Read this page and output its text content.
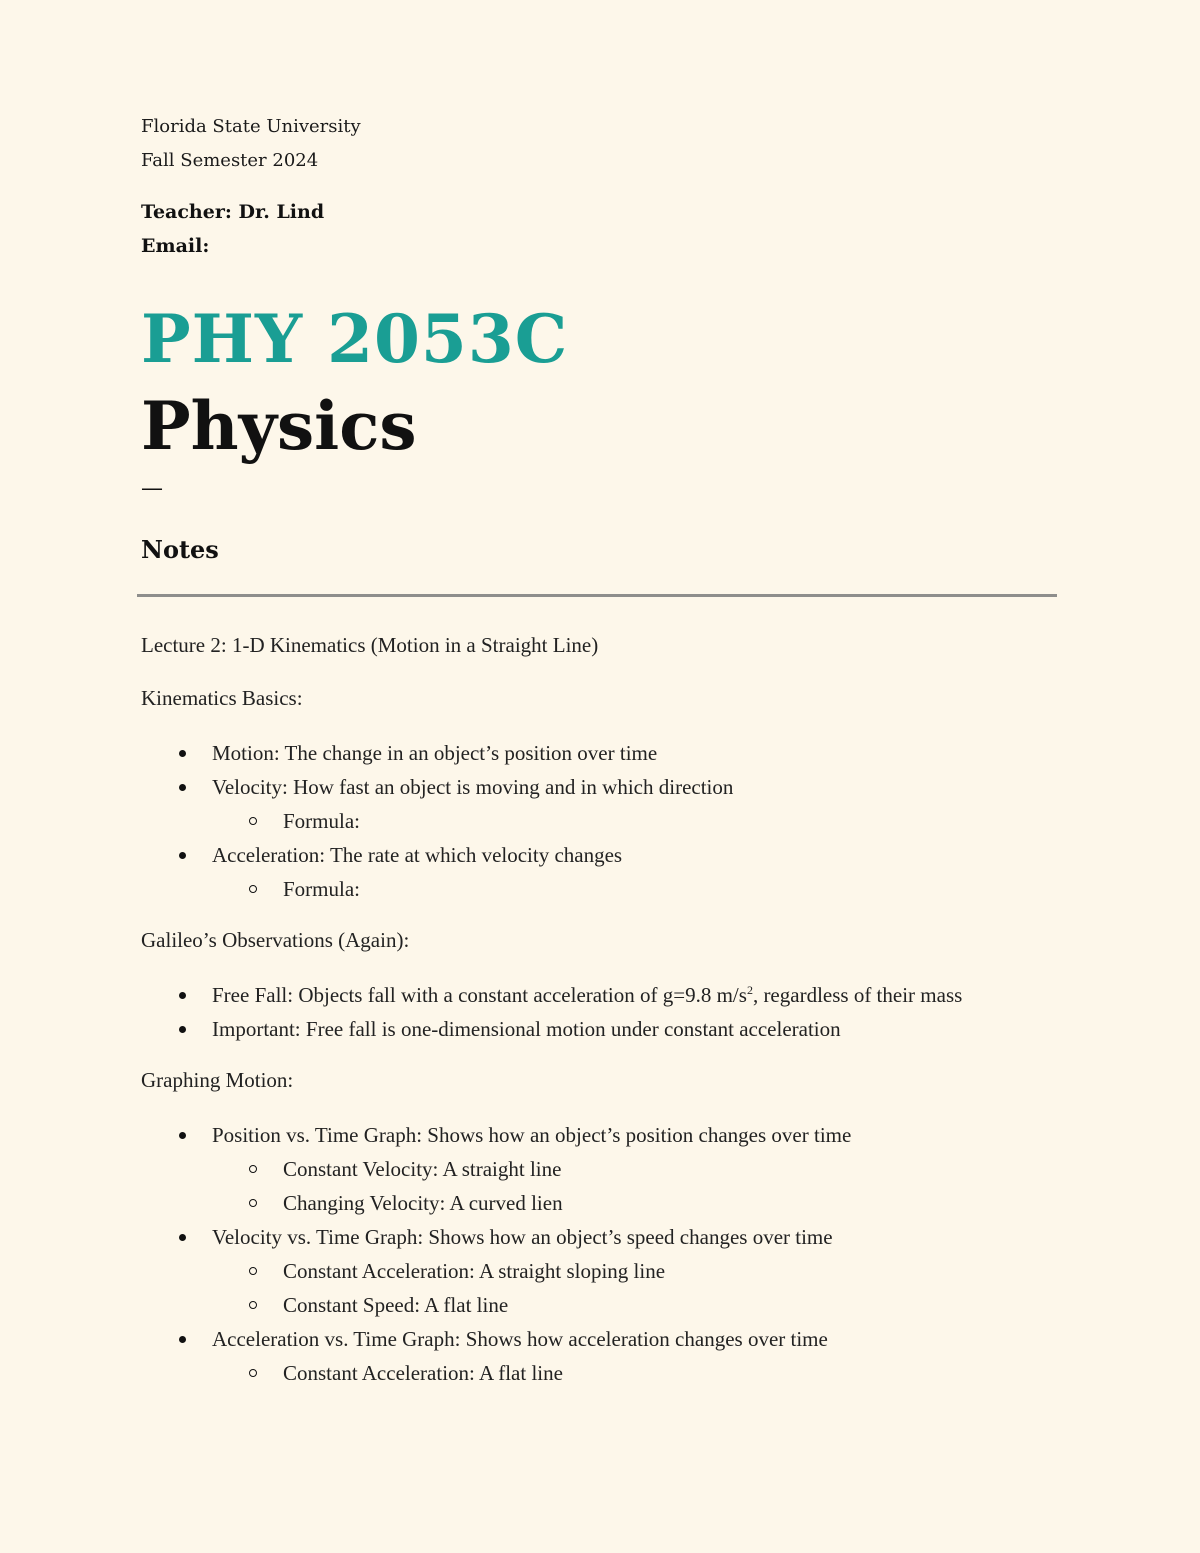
Florida State University
Fall Semester 2024
Teacher: Dr. Lind
Email:
PHY 2053C
Physics
—
Notes

Lecture 2: 1-D Kinematics (Motion in a Straight Line)

Kinematics Basics:

Motion: The change in an object’s position over time
Velocity: How fast an object is moving and in which direction
Formula:
Acceleration: The rate at which velocity changes
Formula:

Galileo’s Observations (Again):

Free Fall: Objects fall with a constant acceleration of g=9.8 $m/s^2$, regardless of their mass
Important: Free fall is one-dimensional motion under constant acceleration

Graphing Motion:

Position vs. Time Graph: Shows how an object’s position changes over time
Constant Velocity: A straight line
Changing Velocity: A curved lien
Velocity vs. Time Graph: Shows how an object’s speed changes over time
Constant Acceleration: A straight sloping line
Constant Speed: A flat line
Acceleration vs. Time Graph: Shows how acceleration changes over time
Constant Acceleration: A flat line
